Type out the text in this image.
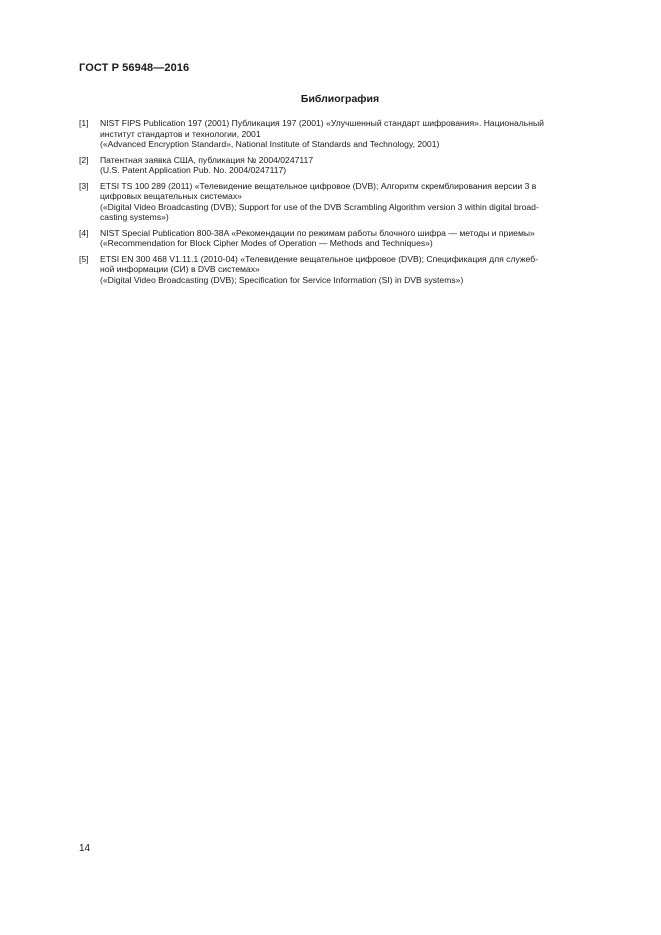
ГОСТ Р 56948—2016
Библиография
[1] NIST FIPS Publication 197 (2001) Публикация 197 (2001) «Улучшенный стандарт шифрования». Национальный
институт стандартов и технологии, 2001
(«Advanced Encryption Standard», National Institute of Standards and Technology, 2001)
[2] Патентная заявка США, публикация № 2004/0247117
(U.S. Patent Application Pub. No. 2004/0247117)
[3] ETSI TS 100 289 (2011) «Телевидение вещательное цифровое (DVB); Алгоритм скремблирования версии 3 в
цифровых вещательных системах»
(«Digital Video Broadcasting (DVB); Support for use of the DVB Scrambling Algorithm version 3 within digital broad-
casting systems»)
[4] NIST Special Publication 800-38A «Рекомендации по режимам работы блочного шифра — методы и приемы»
(«Recommendation for Block Cipher Modes of Operation — Methods and Techniques»)
[5] ETSI EN 300 468 V1.11.1 (2010-04) «Телевидение вещательное цифровое (DVB); Спецификация для служеб-
ной информации (СИ) в DVB системах»
(«Digital Video Broadcasting (DVB); Specification for Service Information (SI) in DVB systems»)
14
